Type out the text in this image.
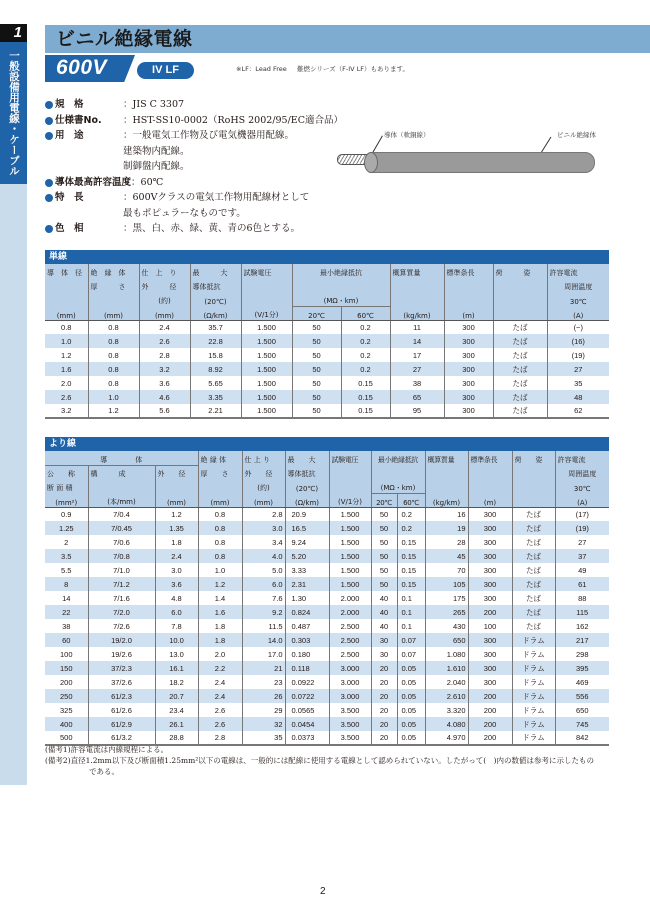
1
一般設備用電線・ケーブル
ビニル絶縁電線
600V	IV LF	※LF：Lead Free 難燃シリーズ（F-IV LF）もあります。
規　格	： JIS C 3307
仕様書No.	： HST-SS10-0002（RoHS 2002/95/EC適合品）
用　途	： 一般電気工作物及び電気機器用配線。
建築物内配線。
制御盤内配線。
導体最高許容温度 ： 60℃
特　長	： 600Vクラスの電気工作物用配線材として
最もポピュラーなものです。
色　相	： 黒、白、赤、緑、黄、青の6色とする。
導体（軟銅線）	ビニル絶縁体
単線
導　体　径	絶　縁　体	仕　上　り	最　　　大	試験電圧	最小絶縁抵抗		概算質量	標準条長	荷　　　姿	許容電流
	厚　　　さ	外　　　径	導体抵抗							周囲温度
		(約)	(20℃)		(MΩ・km)					30℃
(mm)	(mm)	(mm)	(Ω/km)	(V/1分)	20℃	60℃	(kg/km)	(m)		(A)
0.8	0.8	2.4	35.7	1.500	50	0.2	11	300	たば	(−)
1.0	0.8	2.6	22.8	1.500	50	0.2	14	300	たば	(16)
1.2	0.8	2.8	15.8	1.500	50	0.2	17	300	たば	(19)
1.6	0.8	3.2	8.92	1.500	50	0.2	27	300	たば	27
2.0	0.8	3.6	5.65	1.500	50	0.15	38	300	たば	35
2.6	1.0	4.6	3.35	1.500	50	0.15	65	300	たば	48
3.2	1.2	5.6	2.21	1.500	50	0.15	95	300	たば	62
より線
導　　　　体			絶 縁 体	仕 上 り	最　　大	試験電圧	最小絶縁抵抗		概算質量	標準条長	荷　　姿	許容電流
公　　称	構　　　成	外　　径	厚　　さ	外　　径	導体抵抗							周囲温度
断 面 積				(約)	(20℃)		(MΩ・km)					30℃
(mm²)	(本/mm)	(mm)	(mm)	(mm)	(Ω/km)	(V/1分)	20℃	60℃	(kg/km)	(m)		(A)
0.9	7/0.4	1.2	0.8	2.8	20.9	1.500	50	0.2	16	300	たば	(17)
1.25	7/0.45	1.35	0.8	3.0	16.5	1.500	50	0.2	19	300	たば	(19)
2	7/0.6	1.8	0.8	3.4	9.24	1.500	50	0.15	28	300	たば	27
3.5	7/0.8	2.4	0.8	4.0	5.20	1.500	50	0.15	45	300	たば	37
5.5	7/1.0	3.0	1.0	5.0	3.33	1.500	50	0.15	70	300	たば	49
8	7/1.2	3.6	1.2	6.0	2.31	1.500	50	0.15	105	300	たば	61
14	7/1.6	4.8	1.4	7.6	1.30	2.000	40	0.1	175	300	たば	88
22	7/2.0	6.0	1.6	9.2	0.824	2.000	40	0.1	265	200	たば	115
38	7/2.6	7.8	1.8	11.5	0.487	2.500	40	0.1	430	100	たば	162
60	19/2.0	10.0	1.8	14.0	0.303	2.500	30	0.07	650	300	ドラム	217
100	19/2.6	13.0	2.0	17.0	0.180	2.500	30	0.07	1.080	300	ドラム	298
150	37/2.3	16.1	2.2	21	0.118	3.000	20	0.05	1.610	300	ドラム	395
200	37/2.6	18.2	2.4	23	0.0922	3.000	20	0.05	2.040	300	ドラム	469
250	61/2.3	20.7	2.4	26	0.0722	3.000	20	0.05	2.610	200	ドラム	556
325	61/2.6	23.4	2.6	29	0.0565	3.500	20	0.05	3.320	200	ドラム	650
400	61/2.9	26.1	2.6	32	0.0454	3.500	20	0.05	4.080	200	ドラム	745
500	61/3.2	28.8	2.8	35	0.0373	3.500	20	0.05	4.970	200	ドラム	842
(備考1)許容電流は内線規程による。
(備考2)直径1.2mm以下及び断面積1.25mm²以下の電線は、一般的には配線に使用する電線として認められていない。したがって(　)内の数値は参考に示したもの
である。
2
